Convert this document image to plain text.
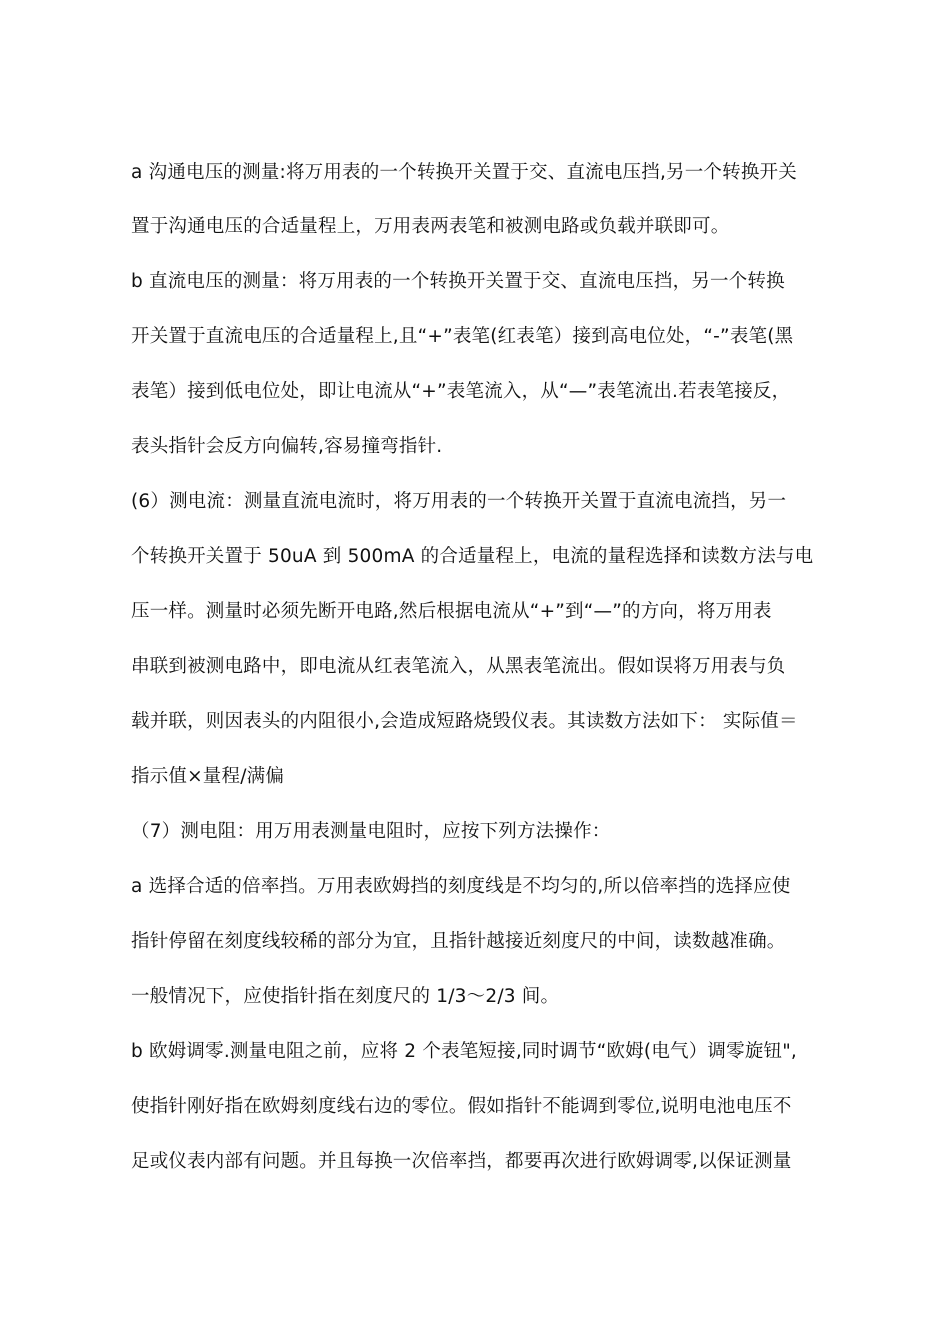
a 沟通电压的测量:将万用表的一个转换开关置于交、直流电压挡,另一个转换开关
置于沟通电压的合适量程上，万用表两表笔和被测电路或负载并联即可。
b 直流电压的测量：将万用表的一个转换开关置于交、直流电压挡，另一个转换
开关置于直流电压的合适量程上,且“+”表笔(红表笔）接到高电位处，“-”表笔(黑
表笔）接到低电位处，即让电流从“+”表笔流入，从“—”表笔流出.若表笔接反，
表头指针会反方向偏转,容易撞弯指针.
(6）测电流：测量直流电流时，将万用表的一个转换开关置于直流电流挡，另一
个转换开关置于 50uA 到 500mA 的合适量程上，电流的量程选择和读数方法与电
压一样。测量时必须先断开电路,然后根据电流从“+”到“—”的方向，将万用表
串联到被测电路中，即电流从红表笔流入，从黑表笔流出。假如误将万用表与负
载并联，则因表头的内阻很小,会造成短路烧毁仪表。其读数方法如下： 实际值＝
指示值×量程/满偏
（7）测电阻：用万用表测量电阻时，应按下列方法操作：
a 选择合适的倍率挡。万用表欧姆挡的刻度线是不均匀的,所以倍率挡的选择应使
指针停留在刻度线较稀的部分为宜，且指针越接近刻度尺的中间，读数越准确。
一般情况下，应使指针指在刻度尺的 1/3～2/3 间。
b 欧姆调零.测量电阻之前，应将 2 个表笔短接,同时调节“欧姆(电气）调零旋钮",
使指针刚好指在欧姆刻度线右边的零位。假如指针不能调到零位,说明电池电压不
足或仪表内部有问题。并且每换一次倍率挡，都要再次进行欧姆调零,以保证测量
